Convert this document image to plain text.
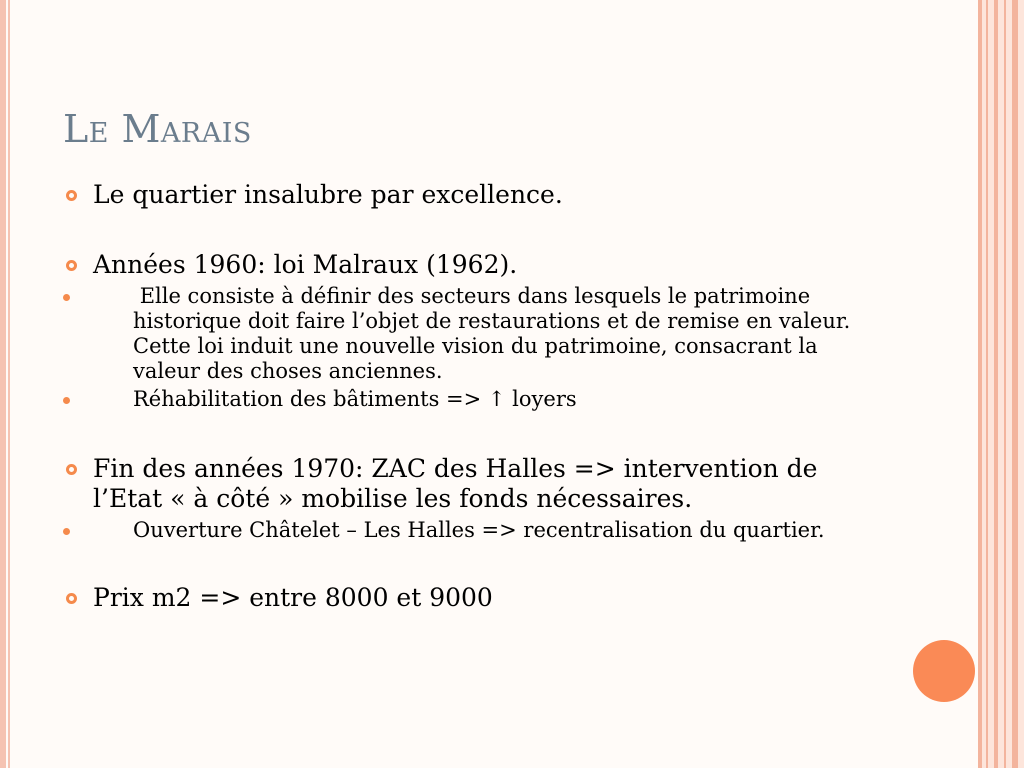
Le Marais
Le quartier insalubre par excellence.
Années 1960: loi Malraux (1962).
Elle consiste à définir des secteurs dans lesquels le patrimoine historique doit faire l’objet de restaurations et de remise en valeur. Cette loi induit une nouvelle vision du patrimoine, consacrant la valeur des choses anciennes.
Réhabilitation des bâtiments => ↑ loyers
Fin des années 1970: ZAC des Halles => intervention de l’Etat « à côté » mobilise les fonds nécessaires.
Ouverture Châtelet – Les Halles => recentralisation du quartier.
Prix m2 => entre 8000 et 9000
